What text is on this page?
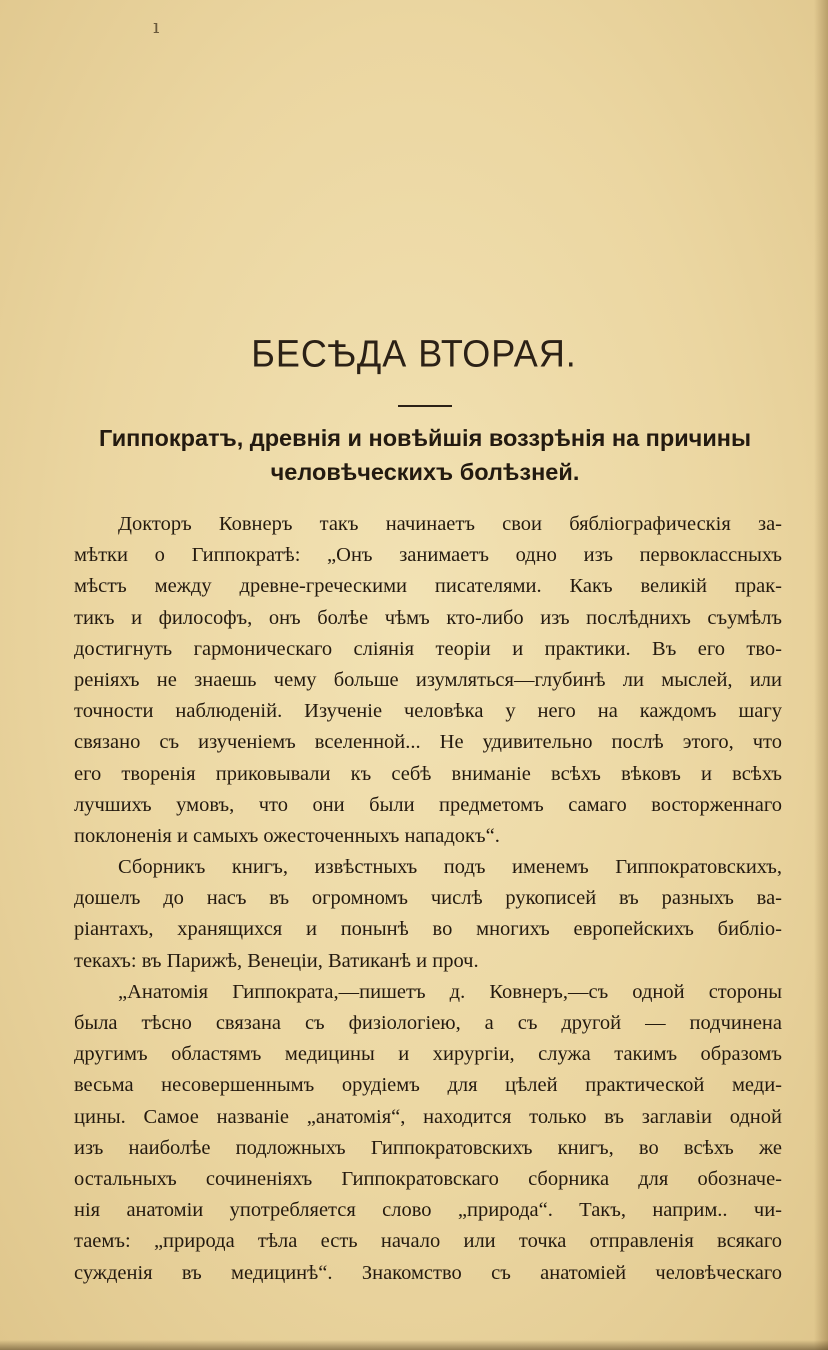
ı
БЕСѢДА ВТОРАЯ.
Гиппократъ, древнія и новѣйшія воззрѣнія на причины человѣческихъ болѣзней.

Докторъ Ковнеръ такъ начинаетъ свои бябліографическія за-
мѣтки о Гиппократѣ: „Онъ занимаетъ одно изъ первоклассныхъ
мѣстъ между древне-греческими писателями. Какъ великій прак-
тикъ и философъ, онъ болѣе чѣмъ кто-либо изъ послѣднихъ съумѣлъ
достигнуть гармоническаго сліянія теоріи и практики. Въ его тво-
реніяхъ не знаешь чему больше изумляться—глубинѣ ли мыслей, или
точности наблюденій. Изученіе человѣка у него на каждомъ шагу
связано съ изученіемъ вселенной... Не удивительно послѣ этого, что
его творенія приковывали къ себѣ вниманіе всѣхъ вѣковъ и всѣхъ
лучшихъ умовъ, что они были предметомъ самаго восторженнаго
поклоненія и самыхъ ожесточенныхъ нападокъ“.

Сборникъ книгъ, извѣстныхъ подъ именемъ Гиппократовскихъ,
дошелъ до насъ въ огромномъ числѣ рукописей въ разныхъ ва-
ріантахъ, хранящихся и понынѣ во многихъ европейскихъ библіо-
текахъ: въ Парижѣ, Венеціи, Ватиканѣ и проч.

„Анатомія Гиппократа,—пишетъ д. Ковнеръ,—съ одной стороны
была тѣсно связана съ физіологіею, а съ другой — подчинена
другимъ областямъ медицины и хирургіи, служа такимъ образомъ
весьма несовершеннымъ орудіемъ для цѣлей практической меди-
цины. Самое названіе „анатомія“, находится только въ заглавіи одной
изъ наиболѣе подложныхъ Гиппократовскихъ книгъ, во всѣхъ же
остальныхъ сочиненіяхъ Гиппократовскаго сборника для обозначе-
нія анатоміи употребляется слово „природа“. Такъ, наприм.. чи-
таемъ: „природа тѣла есть начало или точка отправленія всякаго
сужденія въ медицинѣ“. Знакомство съ анатоміей человѣческаго
